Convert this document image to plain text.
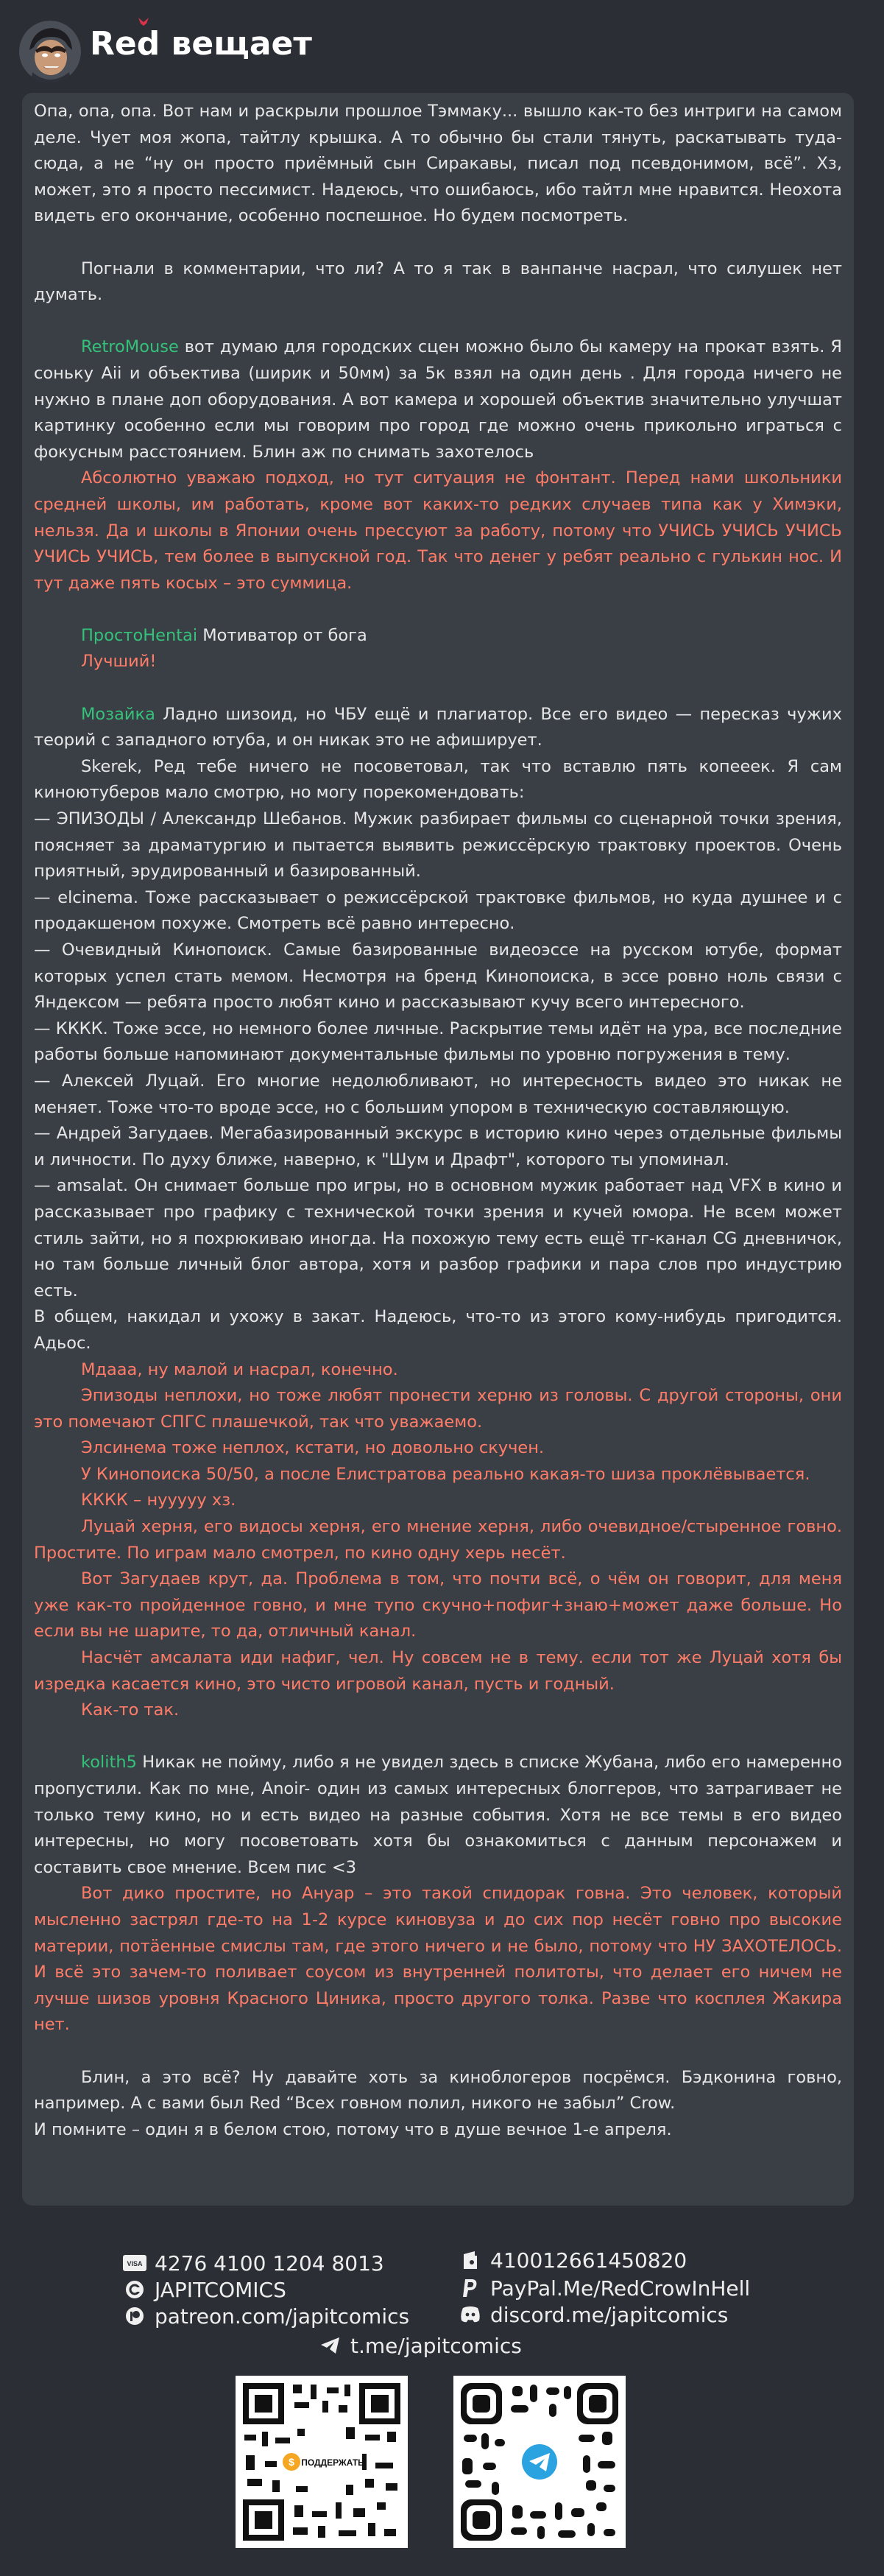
Red вещает

Опа, опа, опа. Вот нам и раскрыли прошлое Тэммаку... вышло как-то без интриги на самом деле. Чует моя жопа, тайтлу крышка. А то обычно бы стали тянуть, раскатывать туда-сюда, а не “ну он просто приёмный сын Сиракавы, писал под псевдонимом, всё”. Хз, может, это я просто пессимист. Надеюсь, что ошибаюсь, ибо тайтл мне нравится. Неохота видеть его окончание, особенно поспешное. Но будем посмотреть.

Погнали в комментарии, что ли? А то я так в ванпанче насрал, что силушек нет думать.

RetroMouse вот думаю для городских сцен можно было бы камеру на прокат взять. Я соньку Aii и объектива (ширик и 50мм) за 5к взял на один день . Для города ничего не нужно в плане доп оборудования. А вот камера и хорошей объектив значительно улучшат картинку особенно если мы говорим про город где можно очень прикольно играться с фокусным расстоянием. Блин аж по снимать захотелось

Абсолютно уважаю подход, но тут ситуация не фонтант. Перед нами школьники средней школы, им работать, кроме вот каких-то редких случаев типа как у Химэки, нельзя. Да и школы в Японии очень прессуют за работу, потому что УЧИСЬ УЧИСЬ УЧИСЬ УЧИСЬ УЧИСЬ, тем более в выпускной год. Так что денег у ребят реально с гулькин нос. И тут даже пять косых – это суммица.

ПростоHentai Мотиватор от бога

Лучший!

Мозайка Ладно шизоид, но ЧБУ ещё и плагиатор. Все его видео — пересказ чужих теорий с западного ютуба, и он никак это не афиширует.

Skerek, Ред тебе ничего не посоветовал, так что вставлю пять копееек. Я сам киноютуберов мало смотрю, но могу порекомендовать:

— ЭПИЗОДЫ / Александр Шебанов. Мужик разбирает фильмы со сценарной точки зрения, поясняет за драматургию и пытается выявить режиссёрскую трактовку проектов. Очень приятный, эрудированный и базированный.

— elcinema. Тоже рассказывает о режиссёрской трактовке фильмов, но куда душнее и с продакшеном похуже. Смотреть всё равно интересно.

— Очевидный Кинопоиск. Самые базированные видеоэссе на русском ютубе, формат которых успел стать мемом. Несмотря на бренд Кинопоиска, в эссе ровно ноль связи с Яндексом — ребята просто любят кино и рассказывают кучу всего интересного.

— КККК. Тоже эссе, но немного более личные. Раскрытие темы идёт на ура, все последние работы больше напоминают документальные фильмы по уровню погружения в тему.

— Алексей Луцай. Его многие недолюбливают, но интересность видео это никак не меняет. Тоже что-то вроде эссе, но с большим упором в техническую составляющую.

— Андрей Загудаев. Мегабазированный экскурс в историю кино через отдельные фильмы и личности. По духу ближе, наверно, к "Шум и Драфт", которого ты упоминал.

— amsalat. Он снимает больше про игры, но в основном мужик работает над VFX в кино и рассказывает про графику с технической точки зрения и кучей юмора. Не всем может стиль зайти, но я похрюкиваю иногда. На похожую тему есть ещё тг-канал CG дневничок, но там больше личный блог автора, хотя и разбор графики и пара слов про индустрию есть.

В общем, накидал и ухожу в закат. Надеюсь, что-то из этого кому-нибудь пригодится. Адьос.

Мдааа, ну малой и насрал, конечно.

Эпизоды неплохи, но тоже любят пронести херню из головы. С другой стороны, они это помечают СПГС плашечкой, так что уважаемо.

Элсинема тоже неплох, кстати, но довольно скучен.

У Кинопоиска 50/50, а после Елистратова реально какая-то шиза проклёвывается.

КККК – нууууу хз.

Луцай херня, его видосы херня, его мнение херня, либо очевидное/стыренное говно. Простите. По играм мало смотрел, по кино одну херь несёт.

Вот Загудаев крут, да. Проблема в том, что почти всё, о чём он говорит, для меня уже как-то пройденное говно, и мне тупо скучно+пофиг+знаю+может даже больше. Но если вы не шарите, то да, отличный канал.

Насчёт амсалата иди нафиг, чел. Ну совсем не в тему. если тот же Луцай хотя бы изредка касается кино, это чисто игровой канал, пусть и годный.

Как-то так.

kolith5 Никак не пойму, либо я не увидел здесь в списке Жубана, либо его намеренно пропустили. Как по мне, Anoir- один из самых интересных блоггеров, что затрагивает не только тему кино, но и есть видео на разные события. Хотя не все темы в его видео интересны, но могу посоветовать хотя бы ознакомиться с данным персонажем и составить свое мнение. Всем пис <3

Вот дико простите, но Ануар – это такой спидорак говна. Это человек, который мысленно застрял где-то на 1-2 курсе киновуза и до сих пор несёт говно про высокие материи, потäенные смислы там, где этого ничего и не было, потому что НУ ЗАХОТЕЛОСЬ. И всё это зачем-то поливает соусом из внутренней политоты, что делает его ничем не лучше шизов уровня Красного Циника, просто другого толка. Разве что косплея Жакира нет.

Блин, а это всё? Ну давайте хоть за киноблогеров посрёмся. Бэдконина говно, например. А с вами был Red “Всех говном полил, никого не забыл” Crow.

И помните – один я в белом стою, потому что в душе вечное 1-е апреля.

VISA 4276 4100 1204 8013
JAPITCOMICS
patreon.com/japitcomics
410012661450820
PayPal.Me/RedCrowInHell
discord.me/japitcomics
t.me/japitcomics
$ ПОДДЕРЖАТЬ
